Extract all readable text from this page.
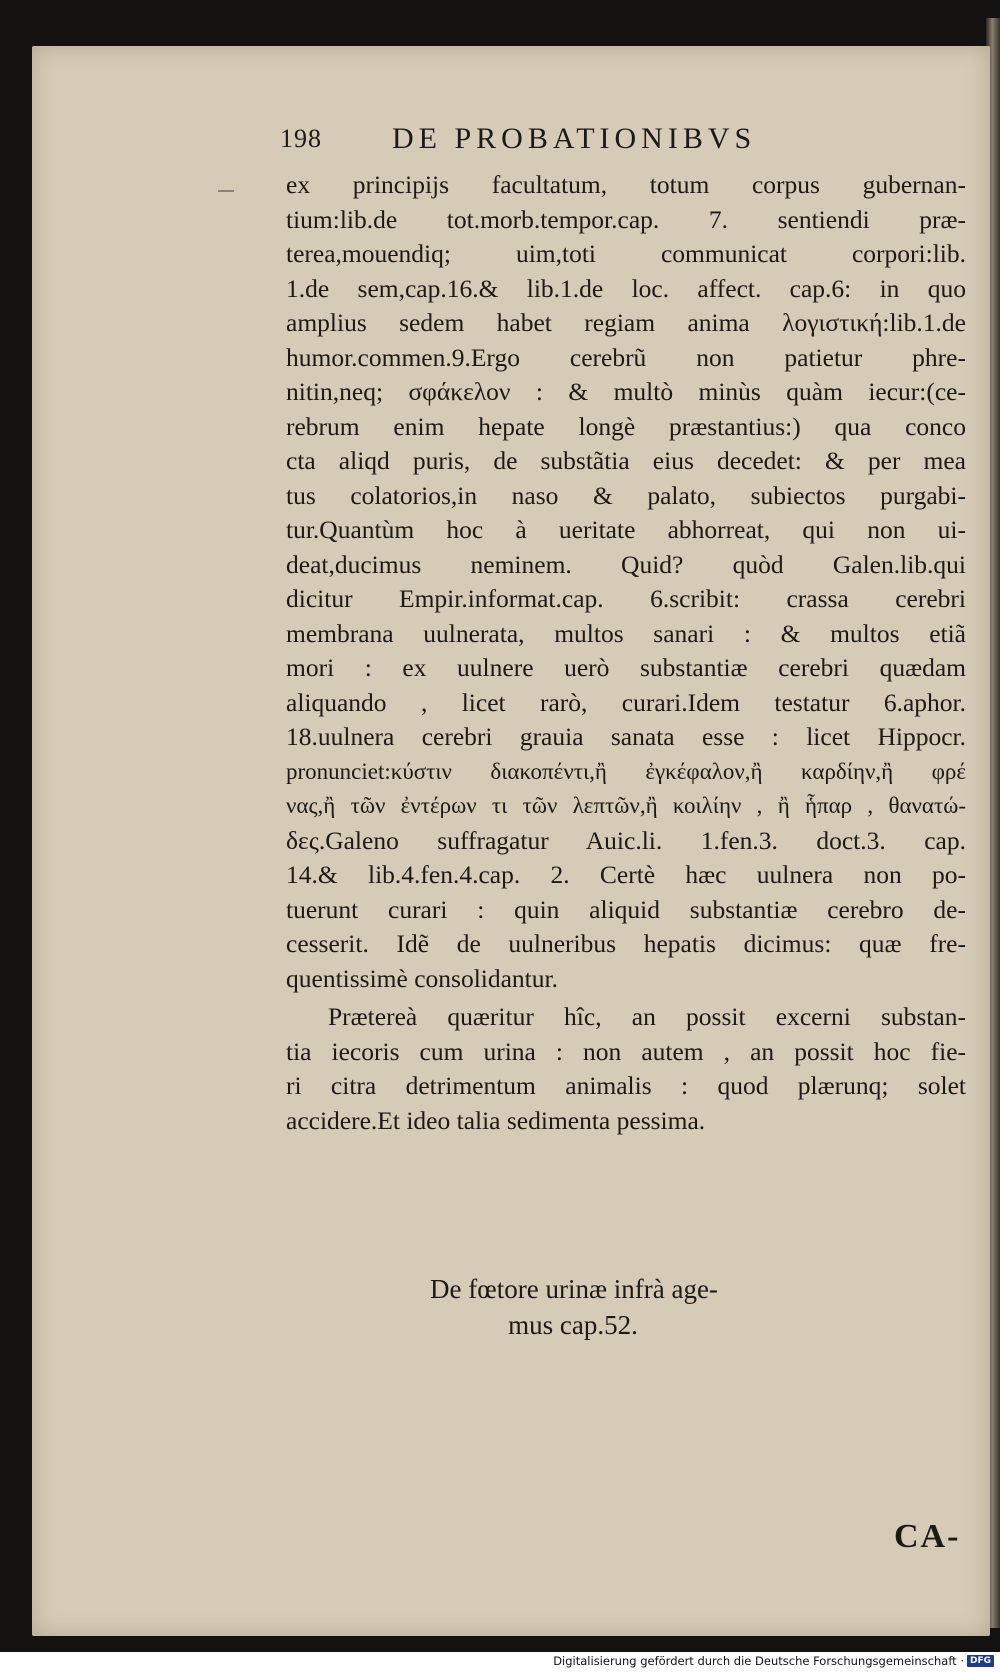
198 DE PROBATIONIBVS
ex principijs facultatum, totum corpus gubernan-
tium:lib.de tot.morb.tempor.cap. 7. sentiendi præ-
terea,mouendiq; uim,toti communicat corpori:lib.
1.de sem,cap.16.& lib.1.de loc. affect. cap.6: in quo
amplius sedem habet regiam anima λογιστική:lib.1.de
humor.commen.9.Ergo cerebrũ non patietur phre-
nitin,neq; σφάκελον : & multò minùs quàm iecur:(ce-
rebrum enim hepate longè præstantius:) qua conco
cta aliqd puris, de substãtia eius decedet: & per mea
tus colatorios,in naso & palato, subiectos purgabi-
tur.Quantùm hoc à ueritate abhorreat, qui non ui-
deat,ducimus neminem. Quid? quòd Galen.lib.qui
dicitur Empir.informat.cap. 6.scribit: crassa cerebri
membrana uulnerata, multos sanari : & multos etiã
mori : ex uulnere uerò substantiæ cerebri quædam
aliquando , licet rarò, curari.Idem testatur 6.aphor.
18.uulnera cerebri grauia sanata esse : licet Hippocr.
pronunciet:κύστιν διακοπέντι,ἢ ἐγκέφαλον,ἢ καρδίην,ἢ φρέ
νας,ἢ τῶν ἐντέρων τι τῶν λεπτῶν,ἢ κοιλίην , ἢ ἧπαρ , θανατώ-
δες.Galeno suffragatur Auic.li. 1.fen.3. doct.3. cap.
14.& lib.4.fen.4.cap. 2. Certè hæc uulnera non po-
tuerunt curari : quin aliquid substantiæ cerebro de-
cesserit. Idẽ de uulneribus hepatis dicimus: quæ fre-
quentissimè consolidantur.
Prætereà quæritur hîc, an possit excerni substan-
tia iecoris cum urina : non autem , an possit hoc fie-
ri citra detrimentum animalis : quod plærunq; solet
accidere.Et ideo talia sedimenta pessima.
De fœtore urinæ infrà age-
mus cap.52.
CA-
Digitalisierung gefördert durch die Deutsche Forschungsgemeinschaft · DFG
